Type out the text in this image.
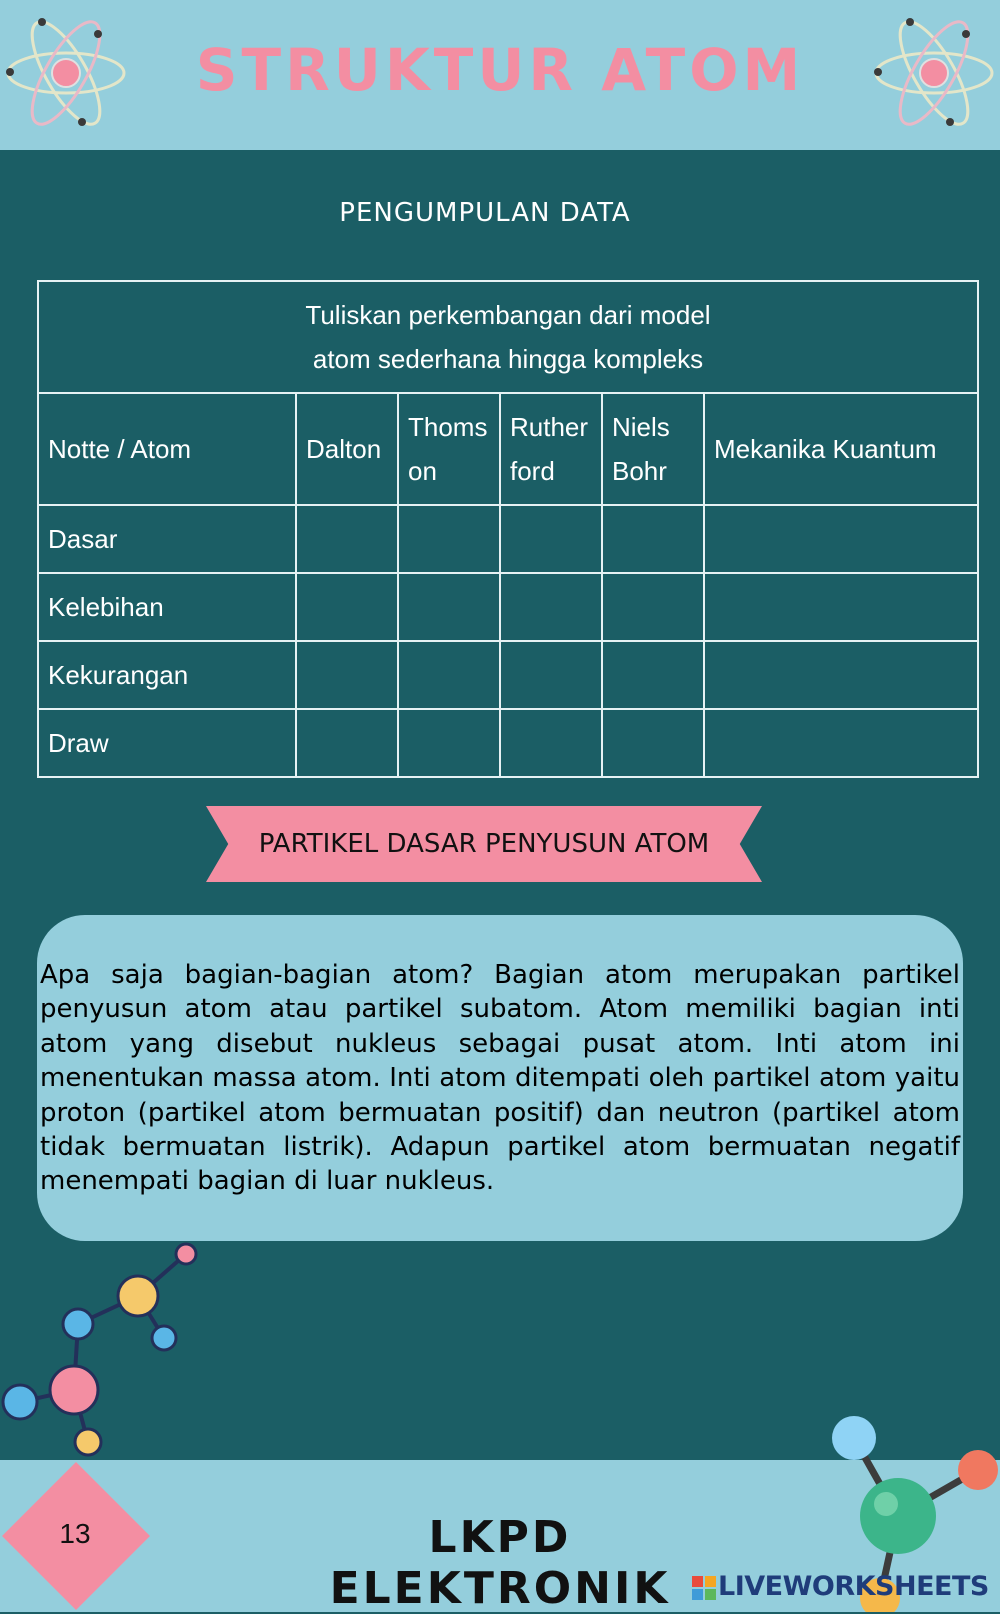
STRUKTUR ATOM
PENGUMPULAN DATA
Tuliskan perkembangan dari model
atom sederhana hingga kompleks					

Notte / Atom	Dalton	Thoms on	Ruther ford	Niels Bohr	Mekanika Kuantum
Dasar					
Kelebihan					
Kekurangan					
Draw					
PARTIKEL DASAR PENYUSUN ATOM

Apa saja bagian-bagian atom? Bagian atom merupakan partikel penyusun atom atau partikel subatom. Atom memiliki bagian inti atom yang disebut nukleus sebagai pusat atom. Inti atom ini menentukan massa atom. Inti atom ditempati oleh partikel atom yaitu proton (partikel atom bermuatan positif) dan neutron (partikel atom tidak bermuatan listrik). Adapun partikel atom bermuatan negatif menempati bagian di luar nukleus.

13	LKPD ELEKTRONIK	LIVEWORKSHEETS
